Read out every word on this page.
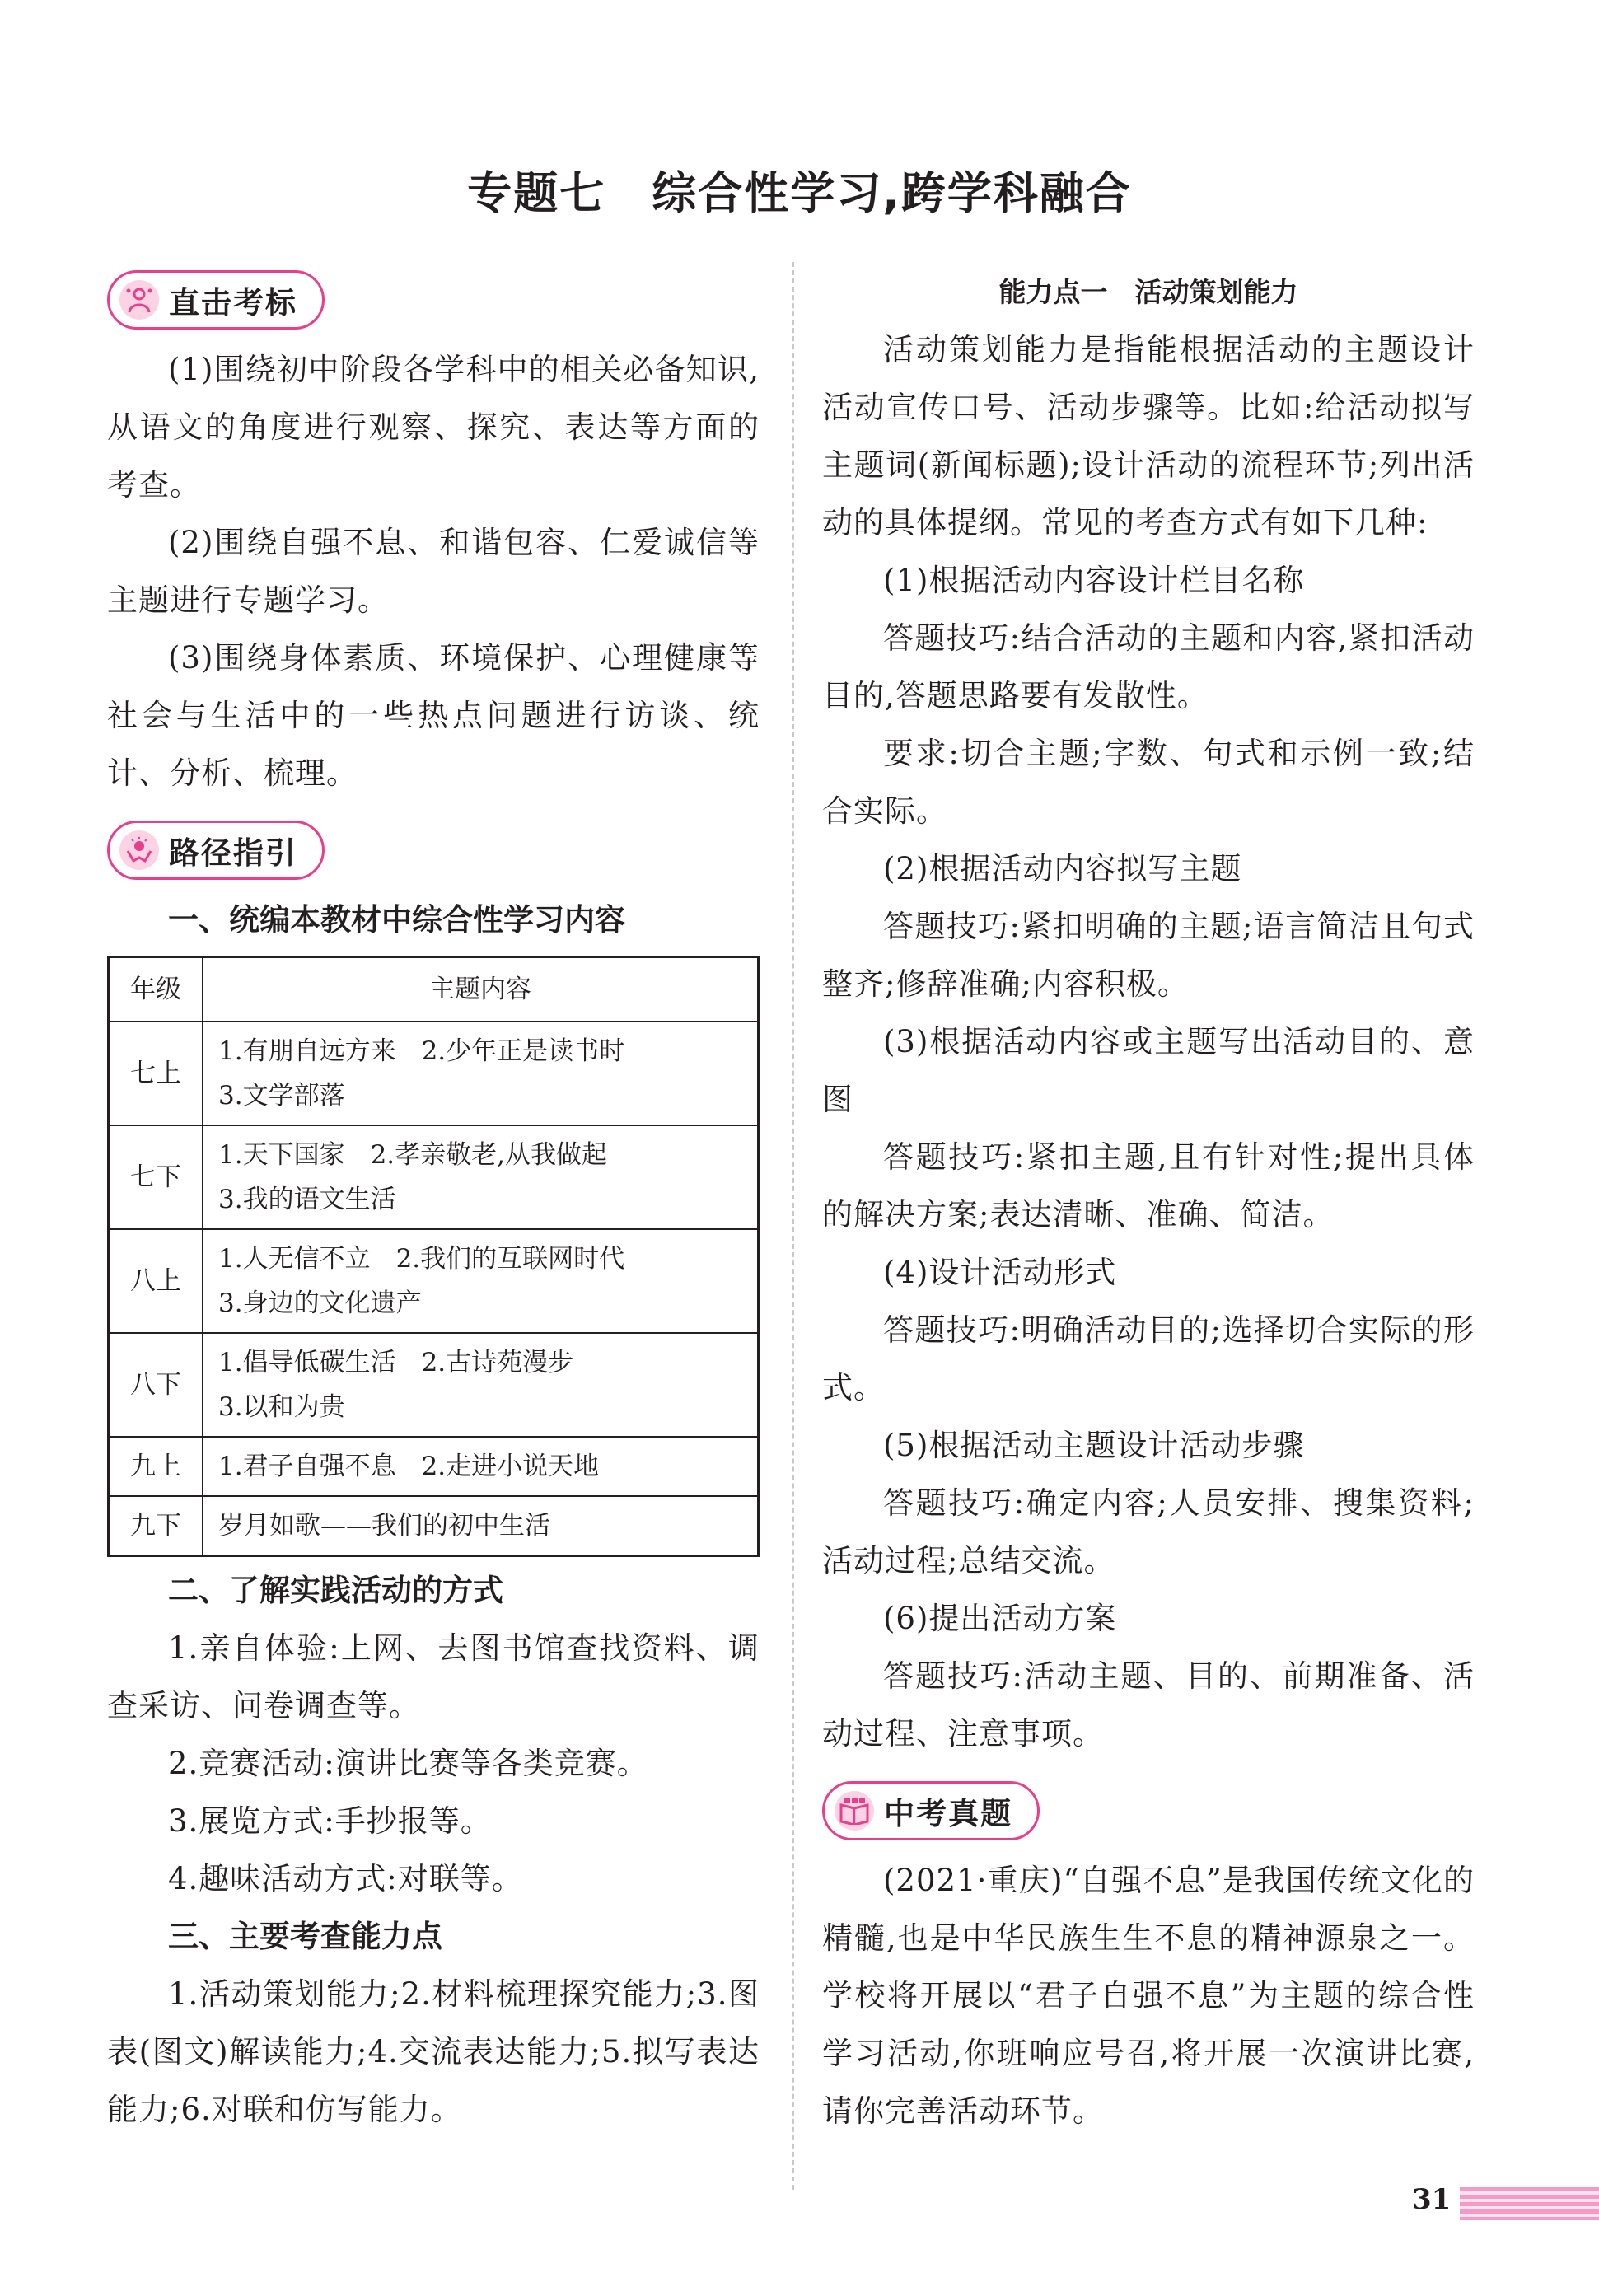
专题七　综合性学习,跨学科融合
直击考标

(1)围绕初中阶段各学科中的相关必备知识,从语文的角度进行观察、探究、表达等方面的考查。

(2)围绕自强不息、和谐包容、仁爱诚信等主题进行专题学习。

(3)围绕身体素质、环境保护、心理健康等社会与生活中的一些热点问题进行访谈、统计、分析、梳理。

路径指引

一、统编本教材中综合性学习内容

年级	主题内容
七上	1.有朋自远方来　2.少年正是读书时
3.文学部落

七下	1.天下国家　2.孝亲敬老,从我做起
3.我的语文生活

八上	1.人无信不立　2.我们的互联网时代
3.身边的文化遗产

八下	1.倡导低碳生活　2.古诗苑漫步
3.以和为贵

九上	1.君子自强不息　2.走进小说天地

九下	岁月如歌——我们的初中生活

二、了解实践活动的方式

1.亲自体验:上网、去图书馆查找资料、调查采访、问卷调查等。

2.竞赛活动:演讲比赛等各类竞赛。

3.展览方式:手抄报等。

4.趣味活动方式:对联等。

三、主要考查能力点

1.活动策划能力;2.材料梳理探究能力;3.图表(图文)解读能力;4.交流表达能力;5.拟写表达能力;6.对联和仿写能力。

能力点一　活动策划能力

活动策划能力是指能根据活动的主题设计活动宣传口号、活动步骤等。比如:给活动拟写主题词(新闻标题);设计活动的流程环节;列出活动的具体提纲。常见的考查方式有如下几种:

(1)根据活动内容设计栏目名称

答题技巧:结合活动的主题和内容,紧扣活动目的,答题思路要有发散性。

要求:切合主题;字数、句式和示例一致;结合实际。

(2)根据活动内容拟写主题

答题技巧:紧扣明确的主题;语言简洁且句式整齐;修辞准确;内容积极。

(3)根据活动内容或主题写出活动目的、意图

答题技巧:紧扣主题,且有针对性;提出具体的解决方案;表达清晰、准确、简洁。

(4)设计活动形式

答题技巧:明确活动目的;选择切合实际的形式。

(5)根据活动主题设计活动步骤

答题技巧:确定内容;人员安排、搜集资料;活动过程;总结交流。

(6)提出活动方案

答题技巧:活动主题、目的、前期准备、活动过程、注意事项。

中考真题

(2021·重庆)“自强不息”是我国传统文化的精髓,也是中华民族生生不息的精神源泉之一。学校将开展以“君子自强不息”为主题的综合性学习活动,你班响应号召,将开展一次演讲比赛,请你完善活动环节。

31
